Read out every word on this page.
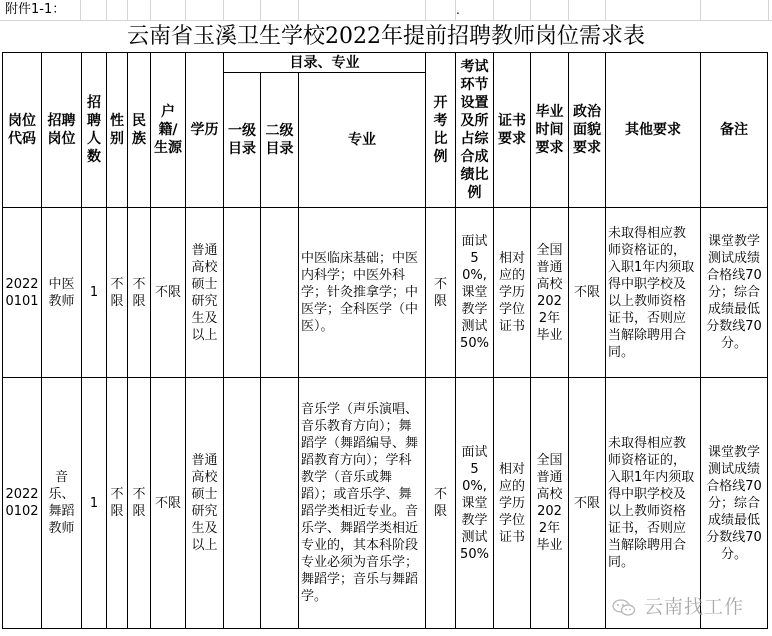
附件1-1：	.
云南省玉溪卫生学校2022年提前招聘教师岗位需求表
岗位代码	招聘岗位	招聘人数	性别	民族	户籍/生源	学历	目录、专业			开考比例	考试环节设置及所占综合成绩比例	证书要求	毕业时间要求	政治面貌要求	其他要求	备注
							一级目录	二级目录	专业							
20220101	中医教师	1	不限	不限	不限	普通高校硕士研究生及以上			中医临床基础；中医内科学；中医外科学；针灸推拿学；中医学；全科医学（中医）。	不限	面试50%,课堂教学测试50%	相对应的学历学位证书	全国普通高校2022年毕业	不限	未取得相应教师资格证的，入职1年内须取得中职学校及以上教师资格证书，否则应当解除聘用合同。	课堂教学测试成绩合格线70分；综合成绩最低分数线70分。
20220102	音乐、舞蹈教师	1	不限	不限	不限	普通高校硕士研究生及以上			音乐学（声乐演唱、音乐教育方向）；舞蹈学（舞蹈编导、舞蹈教育方向）；学科教学（音乐或舞蹈）；或音乐学、舞蹈学类相近专业。音乐学、舞蹈学类相近专业的，其本科阶段专业必须为音乐学；舞蹈学；音乐与舞蹈学。	不限	面试50%,课堂教学测试50%	相对应的学历学位证书	全国普通高校2022年毕业	不限	未取得相应教师资格证的，入职1年内须取得中职学校及以上教师资格证书，否则应当解除聘用合同。	课堂教学测试成绩合格线70分；综合成绩最低分数线70分。
云南找工作
